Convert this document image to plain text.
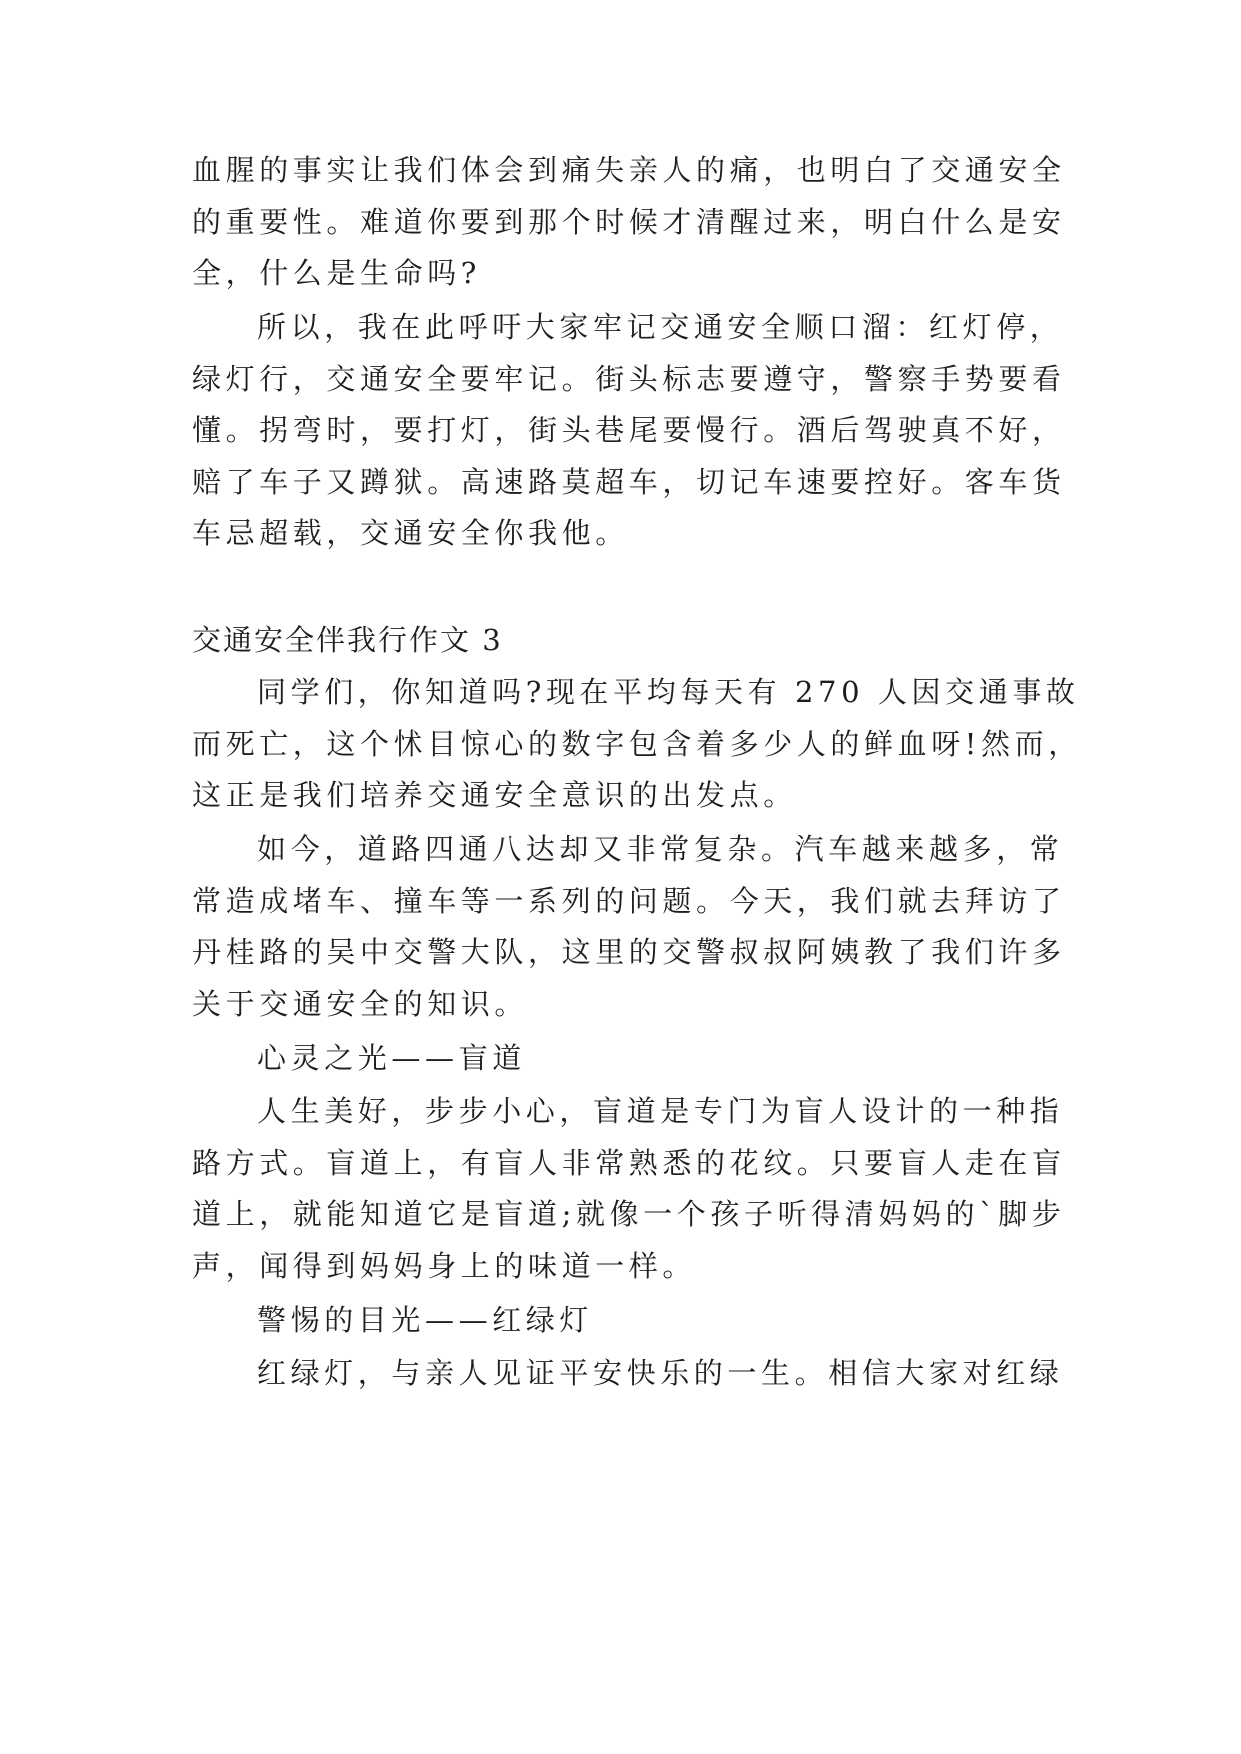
血腥的事实让我们体会到痛失亲人的痛，也明白了交通安全
的重要性。难道你要到那个时候才清醒过来，明白什么是安
全，什么是生命吗?
所以，我在此呼吁大家牢记交通安全顺口溜：红灯停，
绿灯行，交通安全要牢记。街头标志要遵守，警察手势要看
懂。拐弯时，要打灯，街头巷尾要慢行。酒后驾驶真不好，
赔了车子又蹲狱。高速路莫超车，切记车速要控好。客车货
车忌超载，交通安全你我他。
交通安全伴我行作文 3
同学们，你知道吗?现在平均每天有 270 人因交通事故
而死亡，这个怵目惊心的数字包含着多少人的鲜血呀!然而，
这正是我们培养交通安全意识的出发点。
如今，道路四通八达却又非常复杂。汽车越来越多，常
常造成堵车、撞车等一系列的问题。今天，我们就去拜访了
丹桂路的吴中交警大队，这里的交警叔叔阿姨教了我们许多
关于交通安全的知识。
心灵之光——盲道
人生美好，步步小心，盲道是专门为盲人设计的一种指
路方式。盲道上，有盲人非常熟悉的花纹。只要盲人走在盲
道上，就能知道它是盲道;就像一个孩子听得清妈妈的`脚步
声，闻得到妈妈身上的味道一样。
警惕的目光——红绿灯
红绿灯，与亲人见证平安快乐的一生。相信大家对红绿
